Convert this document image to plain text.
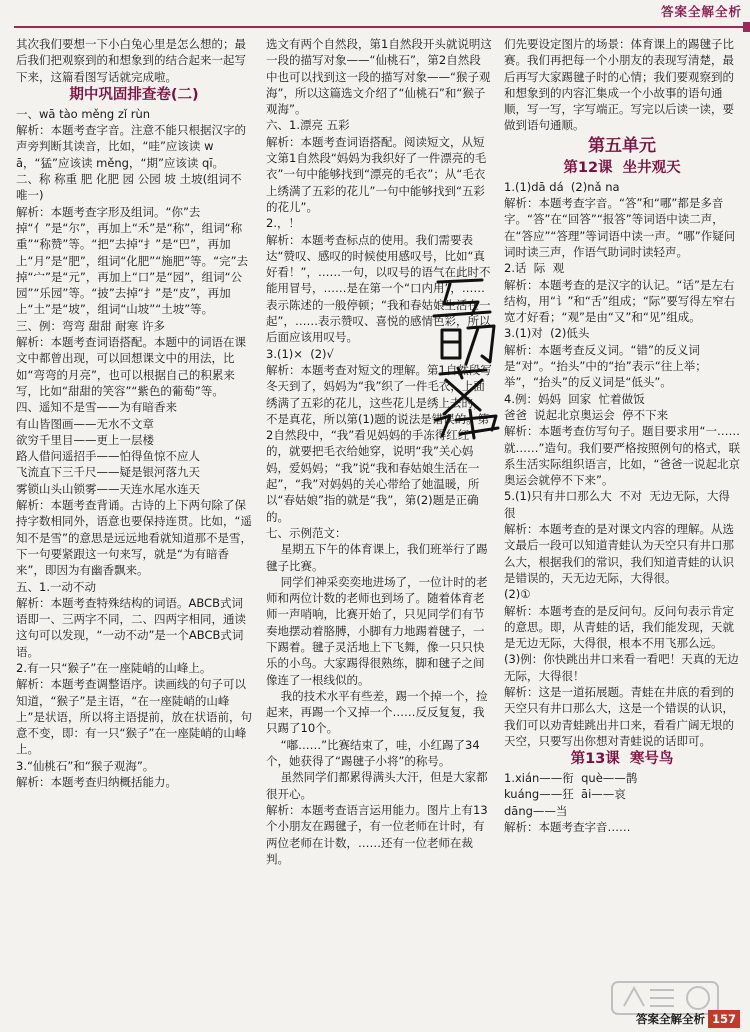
答案全解全析

其次我们要想一下小白兔心里是怎么想的；最后我们把观察到的和想象到的结合起来一起写下来，这篇看图写话就完成啦。

期中巩固排查卷(二)

一、wā tào měng zǐ rùn

解析：本题考查字音。注意不能只根据汉字的声旁判断其读音，比如，“哇”应该读 wā，“猛”应该读 měng，“期”应该读 qī。

二、称 称重 肥 化肥 园 公园 坡 土坡(组词不唯一)

解析：本题考查字形及组词。“你”去掉“亻”是“尔”，再加上“禾”是“称”，组词“称重”“称赞”等。“把”去掉“扌”是“巴”，再加上“月”是“肥”，组词“化肥”“施肥”等。“完”去掉“宀”是“元”，再加上“口”是“园”，组词“公园”“乐园”等。“披”去掉“扌”是“皮”，再加上“土”是“坡”，组词“山坡”“土坡”等。

三、例：弯弯 甜甜 耐寒 许多

解析：本题考查词语搭配。本题中的词语在课文中都曾出现，可以回想课文中的用法，比如“弯弯的月亮”，也可以根据自己的积累来写，比如“甜甜的笑容”“紫色的葡萄”等。

四、遥知不是雪——为有暗香来
有山皆图画——无水不文章
欲穷千里目——更上一层楼
路人借问遥招手——怕得鱼惊不应人
飞流直下三千尺——疑是银河落九天
雾锁山头山锁雾——天连水尾水连天

解析：本题考查背诵。古诗的上下两句除了保持字数相同外，语意也要保持连贯。比如，“遥知不是雪”的意思是远远地看就知道那不是雪，下一句要紧跟这一句来写，就是“为有暗香来”，即因为有幽香飘来。

五、1.一动不动

解析：本题考查特殊结构的词语。ABCB式词语即一、三两字不同，二、四两字相同，通读这句可以发现，“一动不动”是一个ABCB式词语。

2.有一只“猴子”在一座陡峭的山峰上。

解析：本题考查调整语序。读画线的句子可以知道，“猴子”是主语，“在一座陡峭的山峰上”是状语，所以将主语提前，放在状语前，句意不变，即：有一只“猴子”在一座陡峭的山峰上。

3.“仙桃石”和“猴子观海”。

解析：本题考查归纳概括能力。

选文有两个自然段，第1自然段开头就说明这一段的描写对象——“仙桃石”，第2自然段中也可以找到这一段的描写对象——“猴子观海”，所以这篇选文介绍了“仙桃石”和“猴子观海”。

六、1.漂亮 五彩

解析：本题考查词语搭配。阅读短文，从短文第1自然段“妈妈为我织好了一件漂亮的毛衣”一句中能够找到“漂亮的毛衣”；从“毛衣上绣满了五彩的花儿”一句中能够找到“五彩的花儿”。

2.，！

解析：本题考查标点的使用。我们需要表达“赞叹、感叹的时候使用感叹号，比如“真好看！”，……一句，以叹号的语气在此时不能用冒号，……是在第一个“口内用”，……表示陈述的一般停顿；“我和春姑娘生活在一起”，……表示赞叹、喜悦的感情色彩，所以后面应该用叹号。

3.(1)×  (2)√

解析：本题考查对短文的理解。第1自然段写冬天到了，妈妈为“我”织了一件毛衣，上面绣满了五彩的花儿，这些花儿是绣上去的，不是真花，所以第(1)题的说法是错误的。第2自然段中，“我”看见妈妈的手冻得红红的，就要把毛衣给她穿，说明“我”关心妈妈，爱妈妈；“我”说“我和春姑娘生活在一起”，“我”对妈妈的关心带给了她温暖，所以“春姑娘”指的就是“我”，第(2)题是正确的。

七、示例范文：

星期五下午的体育课上，我们班举行了踢毽子比赛。

同学们神采奕奕地进场了，一位计时的老师和两位计数的老师也到场了。随着体育老师一声哨响，比赛开始了，只见同学们有节奏地摆动着胳膊，小脚有力地踢着毽子，一下踢着。毽子灵活地上下飞舞，像一只只快乐的小鸟。大家踢得很熟练，脚和毽子之间像连了一根线似的。

我的技术水平有些差，踢一个掉一个，捡起来，再踢一个又掉一个……反反复复，我只踢了10个。

“嘟……”比赛结束了，哇，小红踢了34个，她获得了“踢毽子小将”的称号。

虽然同学们都累得满头大汗，但是大家都很开心。

解析：本题考查语言运用能力。图片上有13个小朋友在踢毽子，有一位老师在计时，有两位老师在计数，……还有一位老师在裁判。

们先要设定图片的场景：体育课上的踢毽子比赛。我们再把每一个小朋友的表现写清楚，最后再写大家踢毽子时的心情；我们要观察到的和想象到的内容汇集成一个小故事的语句通顺，写一写，字写端正。写完以后读一读，要做到语句通顺。

第五单元
第12课  坐井观天

1.(1)dā dá  (2)nǎ na

解析：本题考查字音。“答”和“哪”都是多音字。“答”在“回答”“报答”等词语中读二声，在“答应”“答理”等词语中读一声。“哪”作疑问词时读三声，作语气助词时读轻声。

2.话  际  观

解析：本题考查的是汉字的认记。“话”是左右结构，用“讠”和“舌”组成；“际”要写得左窄右宽才好看；“观”是由“又”和“见”组成。

3.(1)对  (2)低头

解析：本题考查反义词。“错”的反义词是“对”。“抬头”中的“抬”表示“往上举；举”，“抬头”的反义词是“低头”。

4.例：妈妈  回家  忙着做饭
爸爸  说起北京奥运会  停不下来

解析：本题考查仿写句子。题目要求用“一……就……”造句。我们要严格按照例句的格式，联系生活实际组织语言，比如，“爸爸一说起北京奥运会就停不下来”。

5.(1)只有井口那么大  不对  无边无际，大得很

解析：本题考查的是对课文内容的理解。从选文最后一段可以知道青蛙认为天空只有井口那么大，根据我们的常识，我们知道青蛙的认识是错误的，天无边无际，大得很。

(2)①

解析：本题考查的是反问句。反问句表示肯定的意思。即，从青蛙的话，我们能发现，天就是无边无际，大得很，根本不用飞那么远。

(3)例：你快跳出井口来看一看吧！天真的无边无际，大得很！

解析：这是一道拓展题。青蛙在井底的看到的天空只有井口那么大，这是一个错误的认识，我们可以劝青蛙跳出井口来，看看广阔无垠的天空，只要写出你想对青蛙说的话即可。

第13课  寒号鸟

1.xián——衔  què——鹊
kuáng——狂  āi——哀
dāng——当

解析：本题考查字音……

答案全解全析 157
